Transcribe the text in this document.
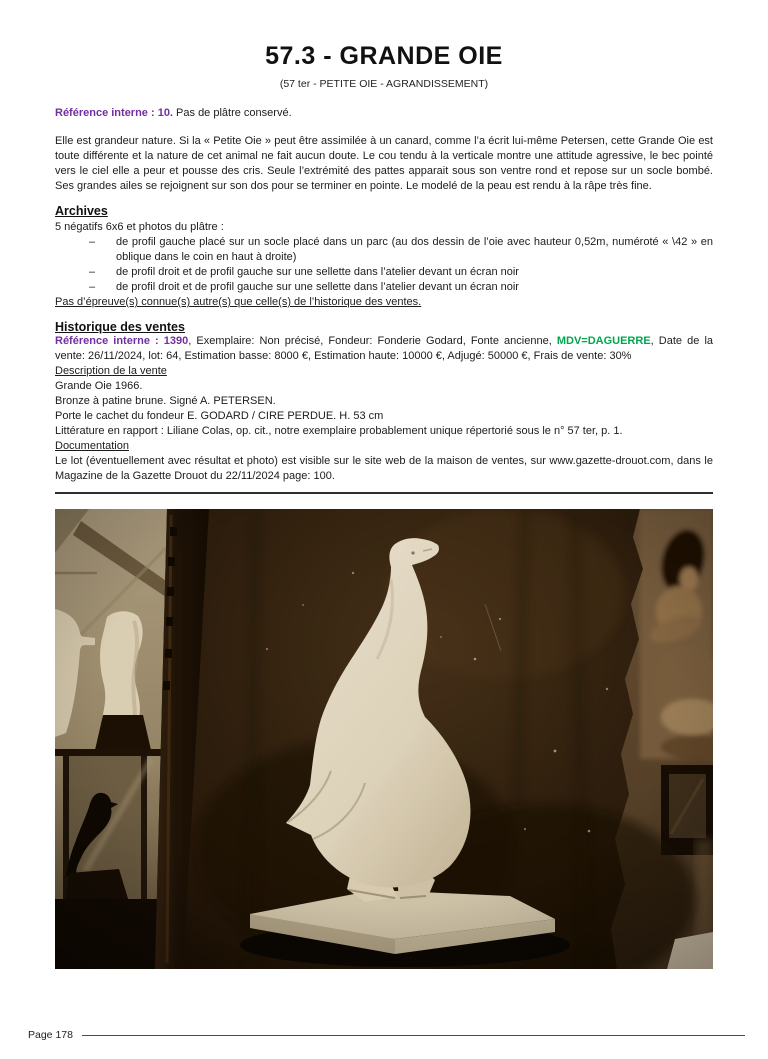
57.3 - GRANDE OIE
(57 ter - PETITE OIE - AGRANDISSEMENT)
Référence interne : 10. Pas de plâtre conservé.
Elle est grandeur nature. Si la « Petite Oie » peut être assimilée à un canard, comme l’a écrit lui-même Petersen, cette Grande Oie est toute différente et la nature de cet animal ne fait aucun doute. Le cou tendu à la verticale montre une attitude agressive, le bec pointé vers le ciel elle a peur et pousse des cris. Seule l’extrémité des pattes apparait sous son ventre rond et repose sur un socle bombé. Ses grandes ailes se rejoignent sur son dos pour se terminer en pointe. Le modelé de la peau est rendu à la râpe très fine.
Archives
5 négatifs 6x6 et photos du plâtre :
–	de profil gauche placé sur un socle placé dans un parc (au dos dessin de l’oie avec hauteur 0,52m, numéroté « \42 » en oblique dans le coin en haut à droite)
–	de profil droit et de profil gauche sur une sellette dans l’atelier devant un écran noir
–	de profil droit et de profil gauche sur une sellette dans l’atelier devant un écran noir
Pas d’épreuve(s) connue(s) autre(s) que celle(s) de l’historique des ventes.
Historique des ventes
Référence interne : 1390, Exemplaire: Non précisé, Fondeur: Fonderie Godard, Fonte ancienne, MDV=DAGUERRE, Date de la vente: 26/11/2024, lot: 64, Estimation basse: 8000 €, Estimation haute: 10000 €, Adjugé: 50000 €, Frais de vente: 30%
Description de la vente
Grande Oie 1966.
Bronze à patine brune. Signé A. PETERSEN.
Porte le cachet du fondeur E. GODARD / CIRE PERDUE. H. 53 cm
Littérature en rapport : Liliane Colas, op. cit., notre exemplaire probablement unique répertorié sous le n° 57 ter, p. 1.
Documentation
Le lot (éventuellement avec résultat et photo) est visible sur le site web de la maison de ventes, sur www.gazette-drouot.com, dans le Magazine de la Gazette Drouot du 22/11/2024 page: 100.
Page 178
